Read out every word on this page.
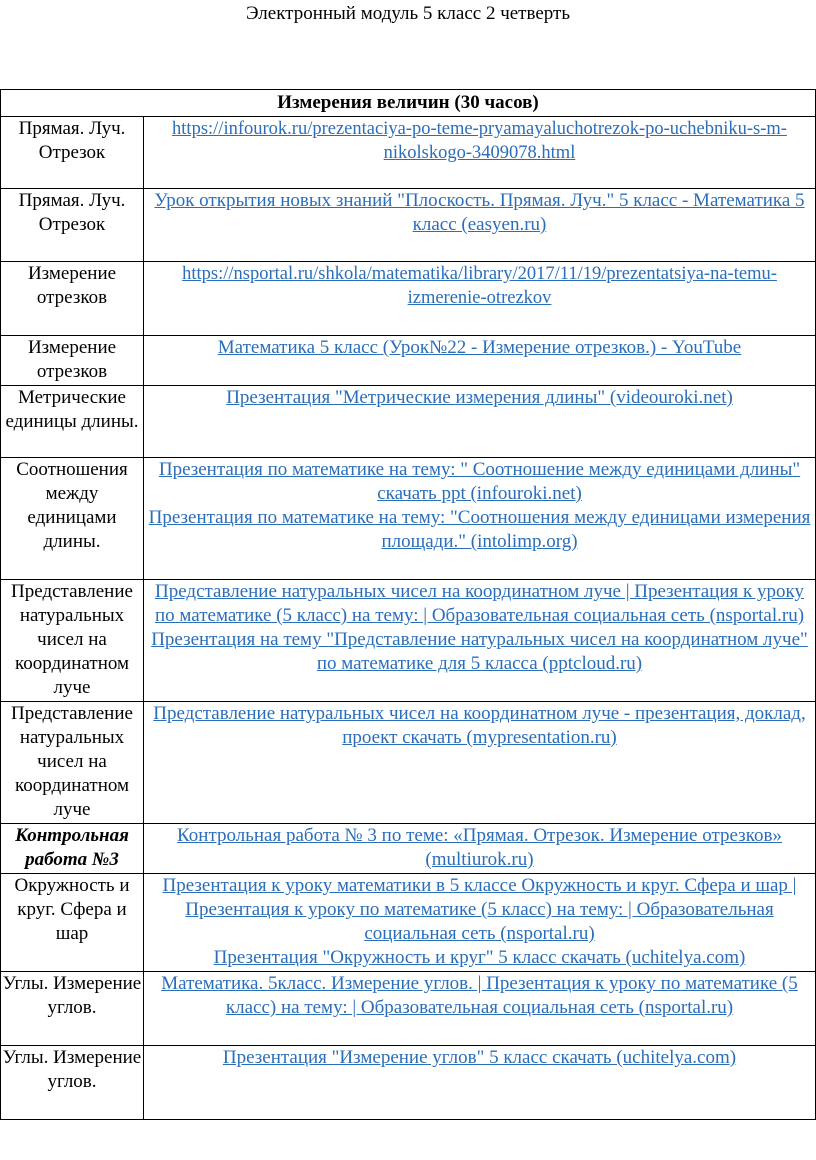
Электронный модуль 5 класс 2 четверть
Измерения величин (30 часов)	
Прямая. Луч. Отрезок	https://infourok.ru/prezentaciya-po-teme-pryamayaluchotrezok-po-uchebniku-s-m-nikolskogo-3409078.html

Прямая. Луч. Отрезок	Урок открытия новых знаний "Плоскость. Прямая. Луч." 5 класс - Математика 5 класс (easyen.ru)

Измерение отрезков	https://nsportal.ru/shkola/matematika/library/2017/11/19/prezentatsiya-na-temu-izmerenie-otrezkov

Измерение отрезков	Математика 5 класс (Урок№22 - Измерение отрезков.) - YouTube

Метрические единицы длины.	Презентация "Метрические измерения длины" (videouroki.net)

Соотношения между единицами длины.	Презентация по математике на тему: " Соотношение между единицами длины" скачать ppt (infouroki.net)
Презентация по математике на тему: "Соотношения между единицами измерения площади." (intolimp.org)

Представление натуральных чисел на координатном луче	Представление натуральных чисел на координатном луче | Презентация к уроку по математике (5 класс) на тему: | Образовательная социальная сеть (nsportal.ru)
Презентация на тему "Представление натуральных чисел на координатном луче" по математике для 5 класса (pptcloud.ru)

Представление натуральных чисел на координатном луче	Представление натуральных чисел на координатном луче - презентация, доклад, проект скачать (mypresentation.ru)

Контрольная работа №3	Контрольная работа № 3 по теме: «Прямая. Отрезок. Измерение отрезков» (multiurok.ru)

Окружность и круг. Сфера и шар	Презентация к уроку математики в 5 классе Окружность и круг. Сфера и шар | Презентация к уроку по математике (5 класс) на тему: | Образовательная социальная сеть (nsportal.ru)
Презентация "Окружность и круг" 5 класс скачать (uchitelya.com)

Углы. Измерение углов.	Математика. 5класс. Измерение углов. | Презентация к уроку по математике (5 класс) на тему: | Образовательная социальная сеть (nsportal.ru)

Углы. Измерение углов.	Презентация "Измерение углов" 5 класс скачать (uchitelya.com)
